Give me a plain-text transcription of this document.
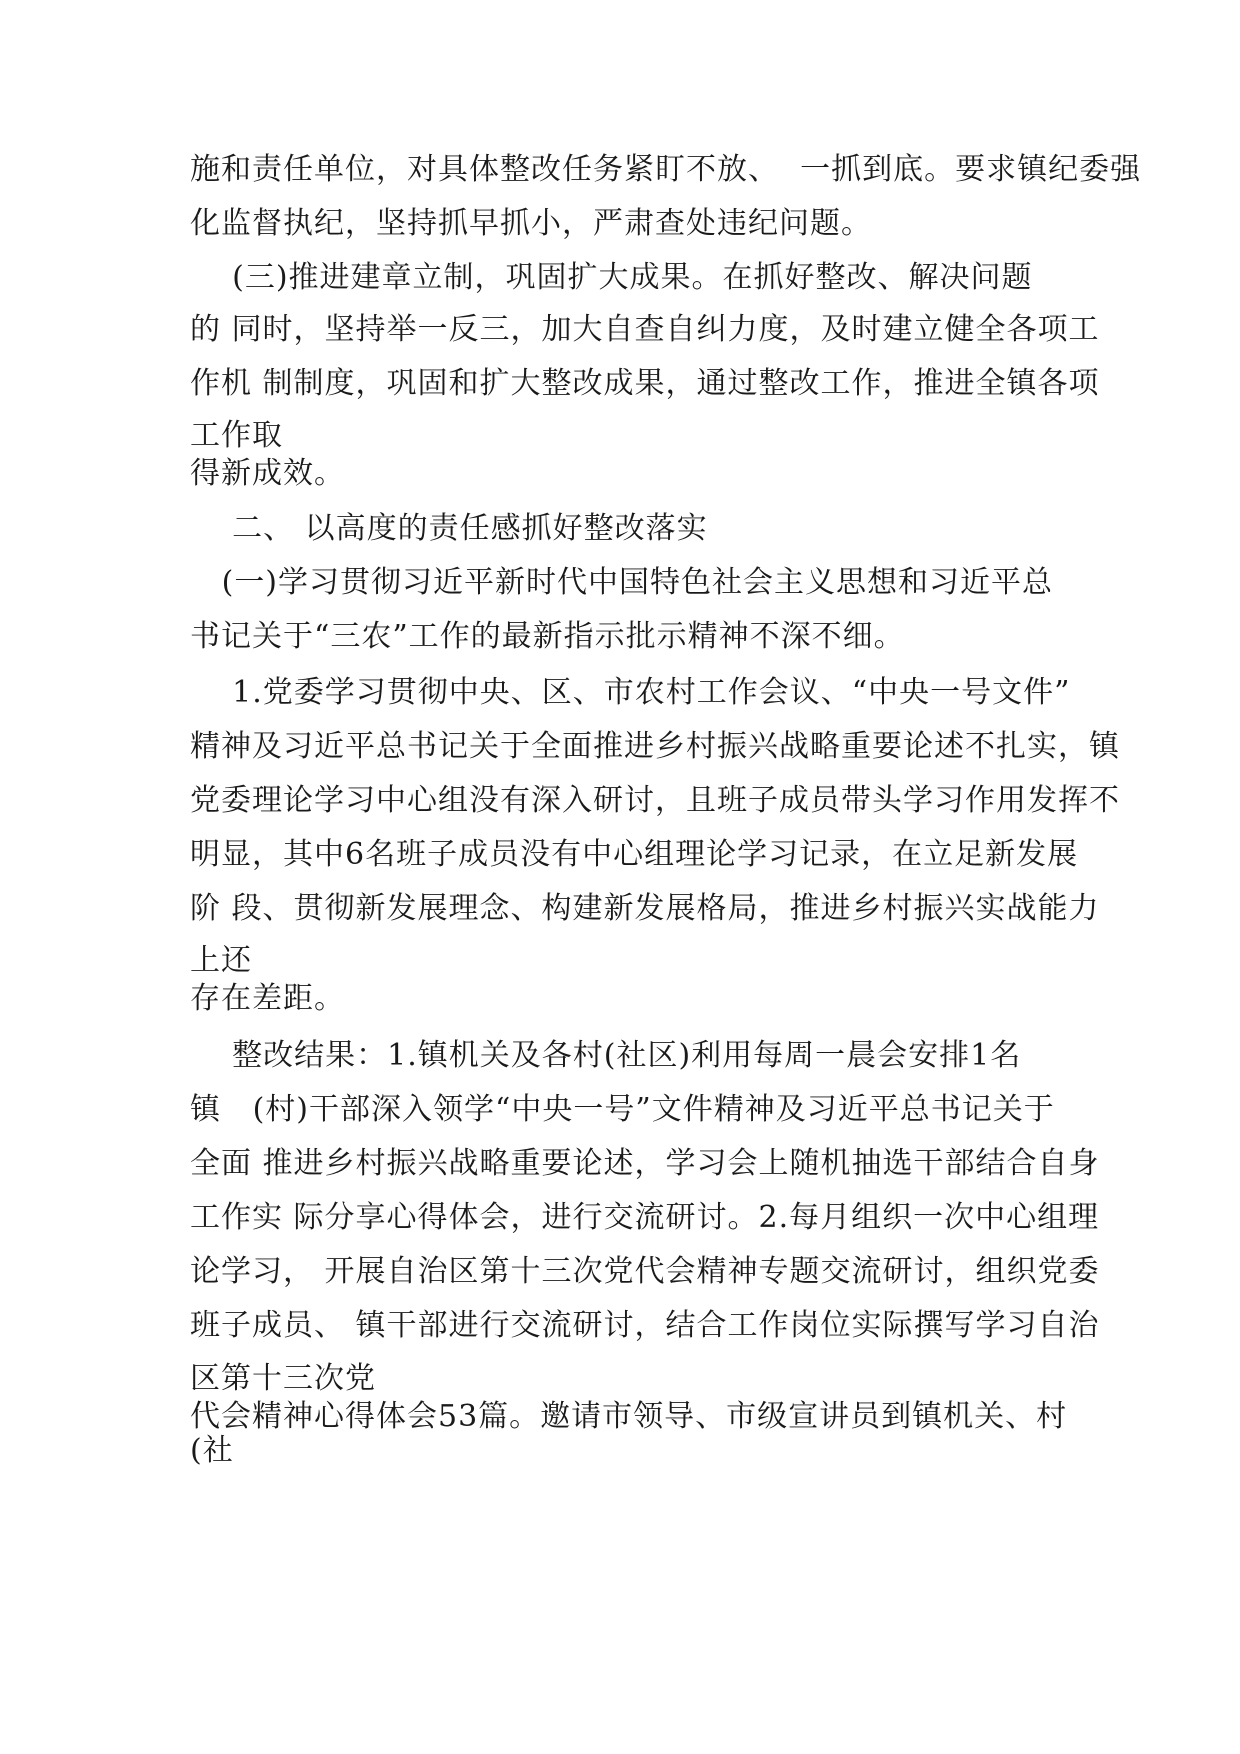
施和责任单位，对具体整改任务紧盯不放、  一抓到底。要求镇纪委强
化监督执纪，坚持抓早抓小，严肃查处违纪问题。
(三)推进建章立制，巩固扩大成果。在抓好整改、解决问题
的 同时，坚持举一反三，加大自查自纠力度，及时建立健全各项工
作机 制制度，巩固和扩大整改成果，通过整改工作，推进全镇各项
工作取
得新成效。
二、 以高度的责任感抓好整改落实
(一)学习贯彻习近平新时代中国特色社会主义思想和习近平总
书记关于“三农”工作的最新指示批示精神不深不细。
1.党委学习贯彻中央、区、市农村工作会议、“中央一号文件”
精神及习近平总书记关于全面推进乡村振兴战略重要论述不扎实，镇
党委理论学习中心组没有深入研讨，且班子成员带头学习作用发挥不
明显，其中6名班子成员没有中心组理论学习记录，在立足新发展
阶 段、贯彻新发展理念、构建新发展格局，推进乡村振兴实战能力
上还
存在差距。
整改结果：1.镇机关及各村(社区)利用每周一晨会安排1名
镇   (村)干部深入领学“中央一号”文件精神及习近平总书记关于
全面 推进乡村振兴战略重要论述，学习会上随机抽选干部结合自身
工作实 际分享心得体会，进行交流研讨。2.每月组织一次中心组理
论学习， 开展自治区第十三次党代会精神专题交流研讨，组织党委
班子成员、 镇干部进行交流研讨，结合工作岗位实际撰写学习自治
区第十三次党
代会精神心得体会53篇。邀请市领导、市级宣讲员到镇机关、村
(社
